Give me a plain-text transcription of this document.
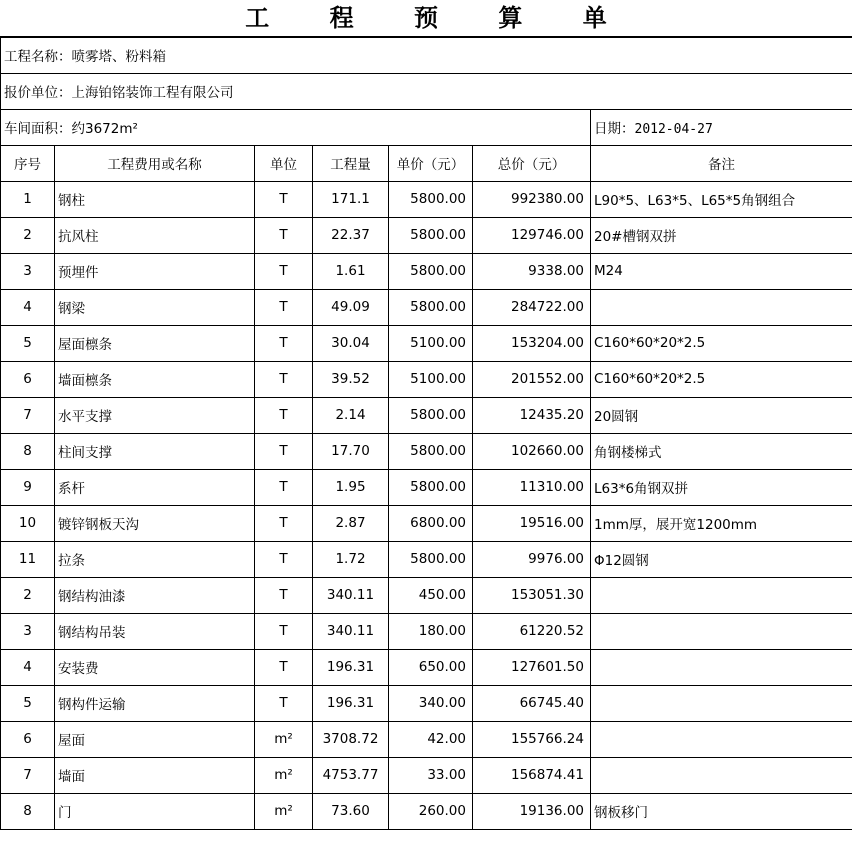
工 程 预 算 单
工程名称：喷雾塔、粉料箱						
报价单位：上海铂铭装饰工程有限公司						
车间面积：约3672m²						日期：2012-04-27
序号	工程费用或名称	单位	工程量	单价（元）	总价（元）	备注
1	钢柱	T	171.1	5800.00	992380.00	L90*5、L63*5、L65*5角钢组合
2	抗风柱	T	22.37	5800.00	129746.00	20#槽钢双拼
3	预埋件	T	1.61	5800.00	9338.00	M24
4	钢梁	T	49.09	5800.00	284722.00	
5	屋面檩条	T	30.04	5100.00	153204.00	C160*60*20*2.5
6	墙面檩条	T	39.52	5100.00	201552.00	C160*60*20*2.5
7	水平支撑	T	2.14	5800.00	12435.20	20圆钢
8	柱间支撑	T	17.70	5800.00	102660.00	角钢楼梯式
9	系杆	T	1.95	5800.00	11310.00	L63*6角钢双拼
10	镀锌钢板天沟	T	2.87	6800.00	19516.00	1mm厚，展开宽1200mm
11	拉条	T	1.72	5800.00	9976.00	Φ12圆钢
2	钢结构油漆	T	340.11	450.00	153051.30	
3	钢结构吊装	T	340.11	180.00	61220.52	
4	安装费	T	196.31	650.00	127601.50	
5	钢构件运输	T	196.31	340.00	66745.40	
6	屋面	m²	3708.72	42.00	155766.24	
7	墙面	m²	4753.77	33.00	156874.41	
8	门	m²	73.60	260.00	19136.00	钢板移门
